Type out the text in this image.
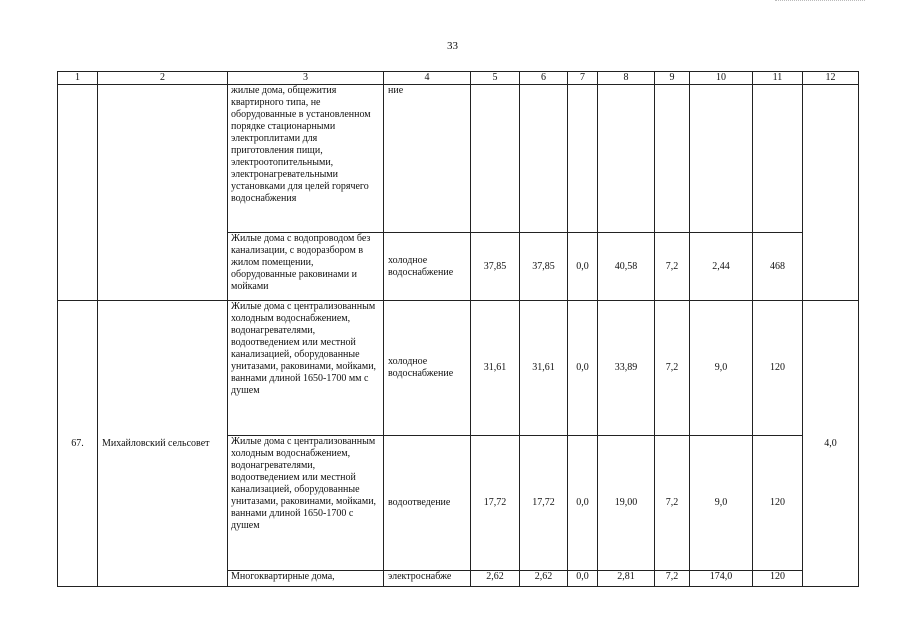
33
1	2	3	4	5	6	7	8	9	10	11	12
		жилые дома, общежития квартирного типа, не оборудованные в установленном порядке стационарными электроплитами для приготовления пищи, электроотопительными, электронагревательными установками для целей горячего водоснабжения	ние								
		Жилые дома с водопроводом без канализации, с водоразбором в жилом помещении, оборудованные раковинами и мойками	холодное водоснабжение	37,85	37,85	0,0	40,58	7,2	2,44	468	
67.	Михайловский сельсовет	Жилые дома с централизованным холодным водоснабжением, водонагревателями, водоотведением или местной канализацией, оборудованные унитазами, раковинами, мойками, ваннами длиной 1650-1700 мм с душем	холодное водоснабжение	31,61	31,61	0,0	33,89	7,2	9,0	120	4,0
		Жилые дома с централизованным холодным водоснабжением, водонагревателями, водоотведением или местной канализацией, оборудованные унитазами, раковинами, мойками, ваннами длиной 1650-1700 с душем	водоотведение	17,72	17,72	0,0	19,00	7,2	9,0	120	
		Многоквартирные дома,	электроснабже	2,62	2,62	0,0	2,81	7,2	174,0	120	
